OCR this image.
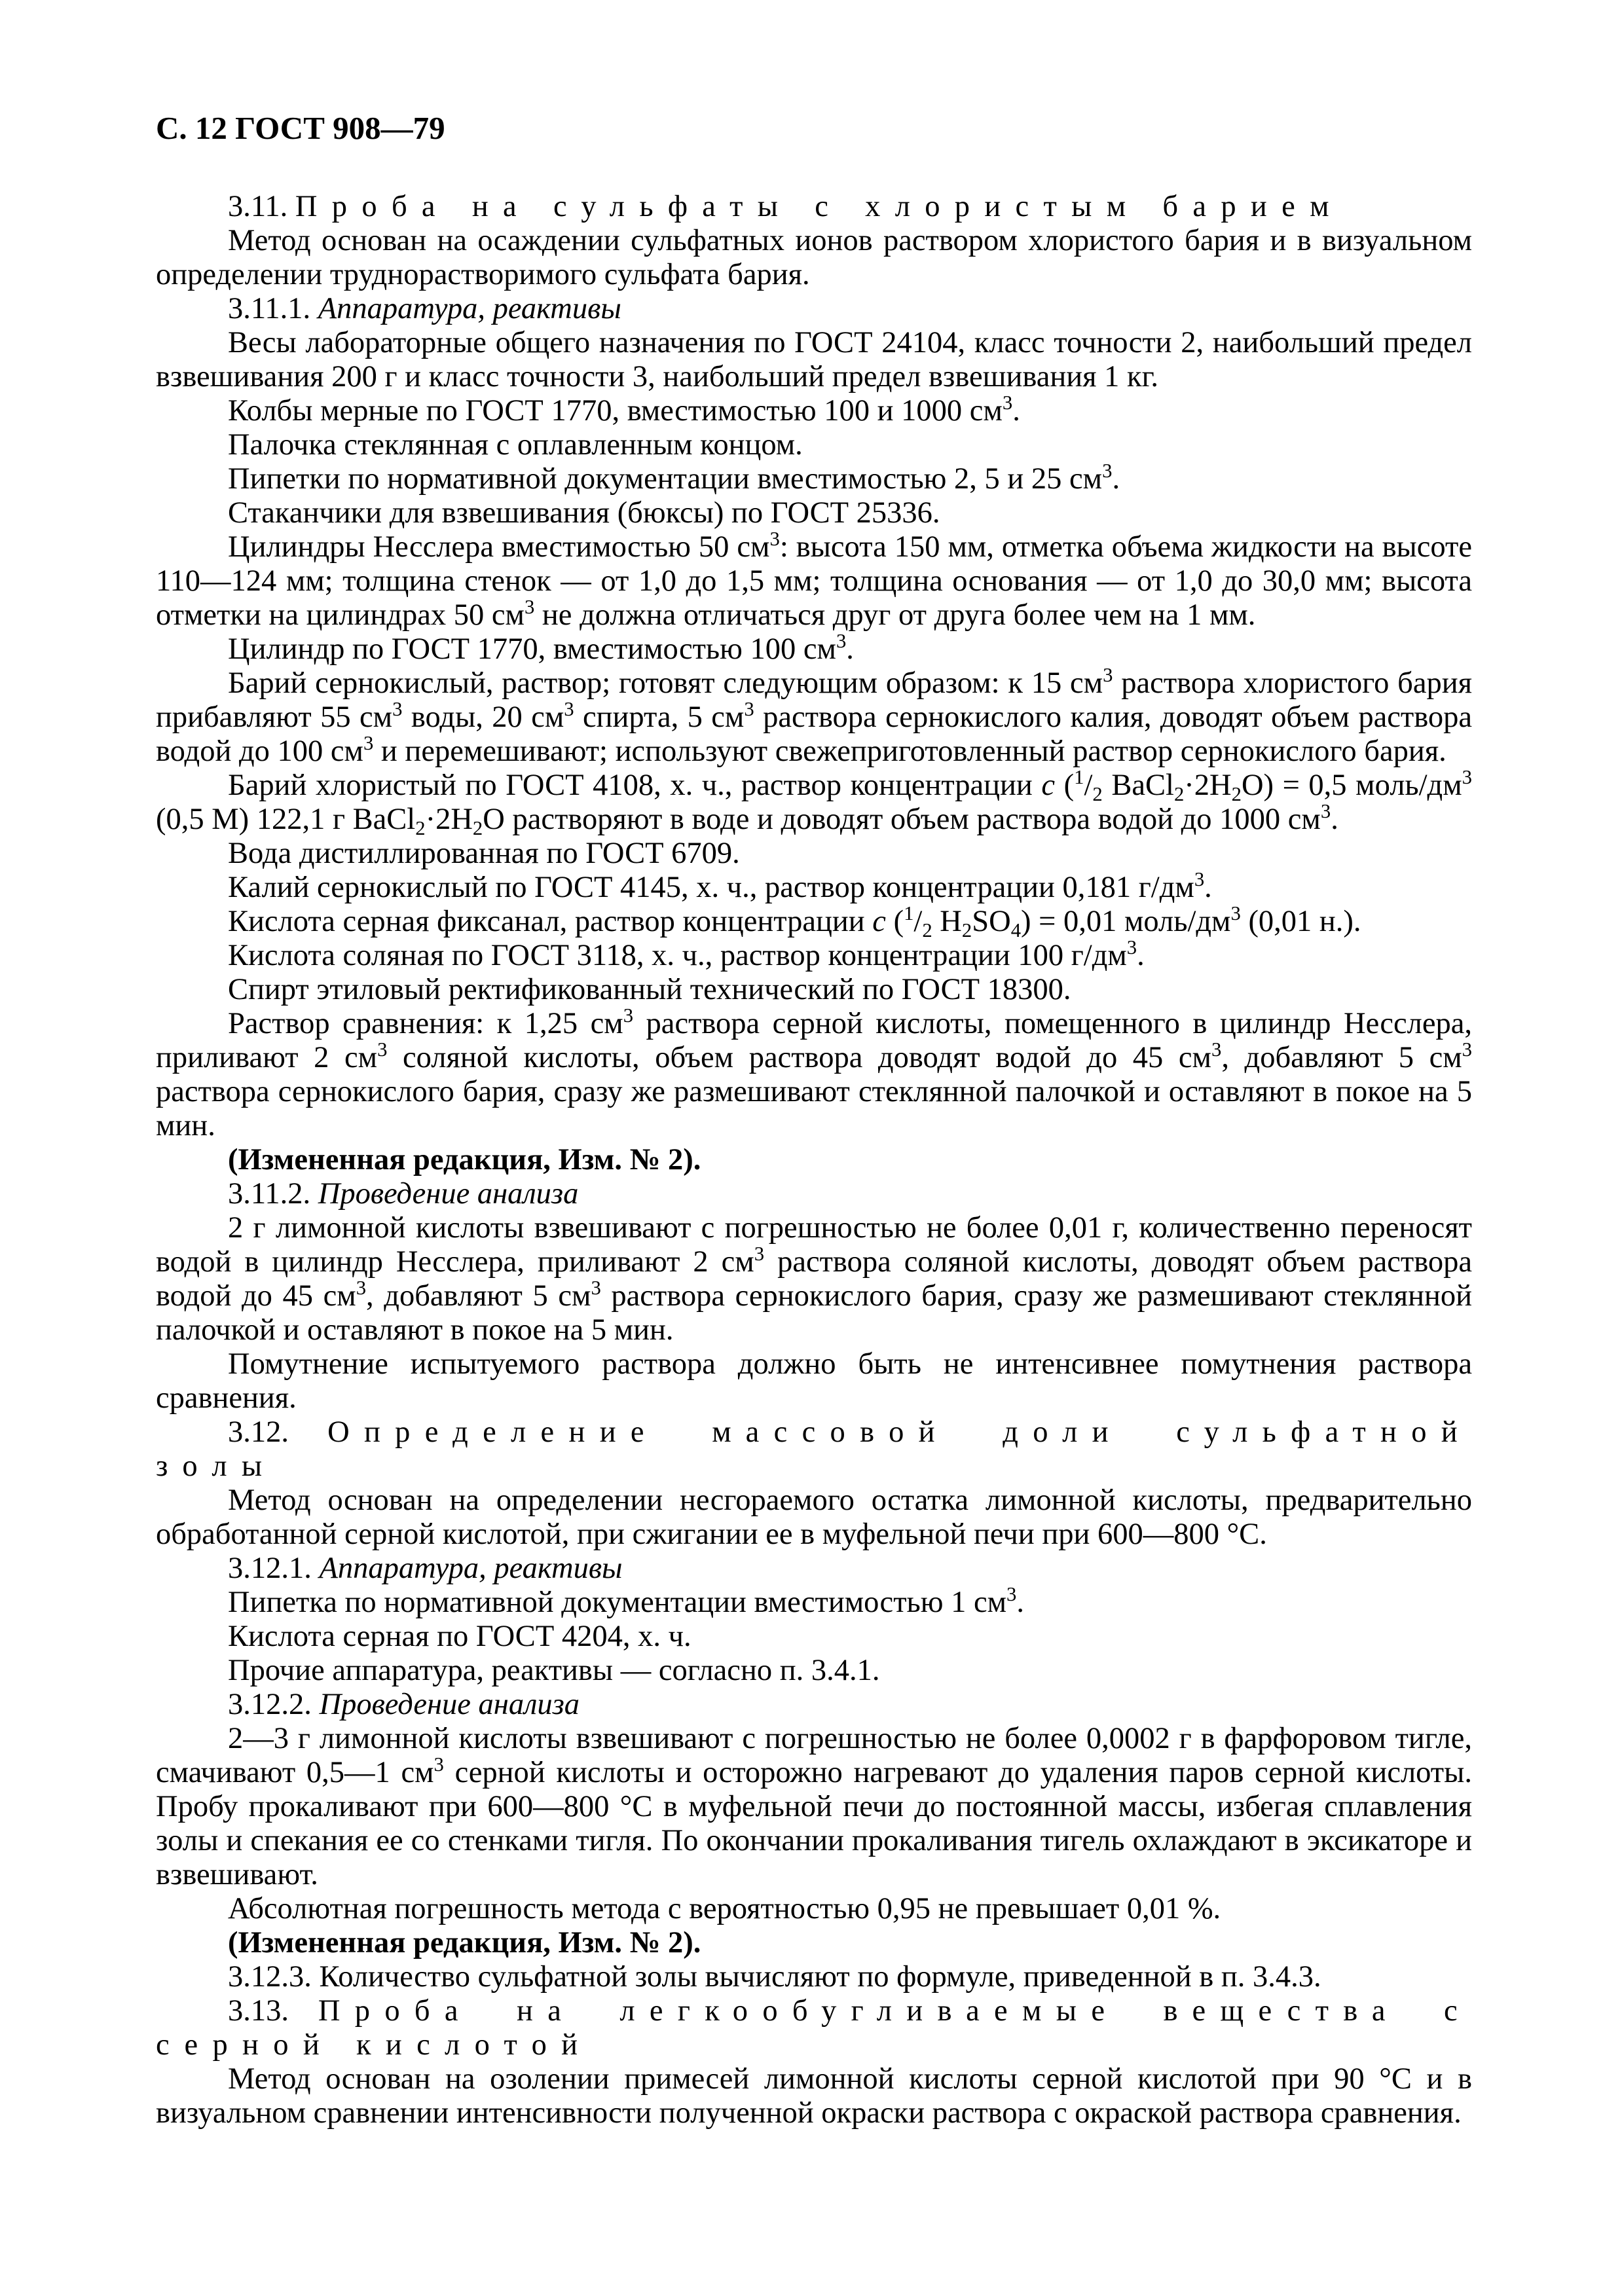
С. 12 ГОСТ 908—79

3.11. Проба на сульфаты с хлористым барием

Метод основан на осаждении сульфатных ионов раствором хлористого бария и в визуальном определении труднорастворимого сульфата бария.

3.11.1. Аппаратура, реактивы

Весы лабораторные общего назначения по ГОСТ 24104, класс точности 2, наибольший предел взвешивания 200 г и класс точности 3, наибольший предел взвешивания 1 кг.

Колбы мерные по ГОСТ 1770, вместимостью 100 и 1000 $см^3$.

Палочка стеклянная с оплавленным концом.

Пипетки по нормативной документации вместимостью 2, 5 и 25 $см^3$.

Стаканчики для взвешивания (бюксы) по ГОСТ 25336.

Цилиндры Несслера вместимостью 50 $см^3$: высота 150 мм, отметка объема жидкости на высоте 110—124 мм; толщина стенок — от 1,0 до 1,5 мм; толщина основания — от 1,0 до 30,0 мм; высота отметки на цилиндрах 50 $см^3$ не должна отличаться друг от друга более чем на 1 мм.

Цилиндр по ГОСТ 1770, вместимостью 100 $см^3$.

Барий сернокислый, раствор; готовят следующим образом: к 15 $см^3$ раствора хлористого бария прибавляют 55 $см^3$ воды, 20 $см^3$ спирта, 5 $см^3$ раствора сернокислого калия, доводят объем раствора водой до 100 $см^3$ и перемешивают; используют свежеприготовленный раствор сернокислого бария.

Барий хлористый по ГОСТ 4108, х. ч., раствор концентрации с ($^1/_2$ $BaCl_2\cdot 2H_2O) = 0,5$ моль/$дм^3$ (0,5 М) 122,1 г $BaCl_2\cdot 2H_2O$ растворяют в воде и доводят объем раствора водой до 1000 $см^3$.

Вода дистиллированная по ГОСТ 6709.

Калий сернокислый по ГОСТ 4145, х. ч., раствор концентрации 0,181 $г/дм^3$.

Кислота серная фиксанал, раствор концентрации с ($^1/_2$ $H_2SO_4) = 0,01$ моль/$дм^3$ (0,01 н.).

Кислота соляная по ГОСТ 3118, х. ч., раствор концентрации 100 $г/дм^3$.

Спирт этиловый ректификованный технический по ГОСТ 18300.

Раствор сравнения: к 1,25 $см^3$ раствора серной кислоты, помещенного в цилиндр Несслера, приливают 2 $см^3$ соляной кислоты, объем раствора доводят водой до 45 $см^3$, добавляют 5 $см^3$ раствора сернокислого бария, сразу же размешивают стеклянной палочкой и оставляют в покое на 5 мин.

(Измененная редакция, Изм. № 2).

3.11.2. Проведение анализа

2 г лимонной кислоты взвешивают с погрешностью не более 0,01 г, количественно переносят водой в цилиндр Несслера, приливают 2 $см^3$ раствора соляной кислоты, доводят объем раствора водой до 45 $см^3$, добавляют 5 $см^3$ раствора сернокислого бария, сразу же размешивают стеклянной палочкой и оставляют в покое на 5 мин.

Помутнение испытуемого раствора должно быть не интенсивнее помутнения раствора сравнения.

3.12. Определение массовой доли сульфатной золы

Метод основан на определении несгораемого остатка лимонной кислоты, предварительно обработанной серной кислотой, при сжигании ее в муфельной печи при 600—800 °С.

3.12.1. Аппаратура, реактивы

Пипетка по нормативной документации вместимостью 1 $см^3$.

Кислота серная по ГОСТ 4204, х. ч.

Прочие аппаратура, реактивы — согласно п. 3.4.1.

3.12.2. Проведение анализа

2—3 г лимонной кислоты взвешивают с погрешностью не более 0,0002 г в фарфоровом тигле, смачивают 0,5—1 $см^3$ серной кислоты и осторожно нагревают до удаления паров серной кислоты. Пробу прокаливают при 600—800 °С в муфельной печи до постоянной массы, избегая сплавления золы и спекания ее со стенками тигля. По окончании прокаливания тигель охлаждают в эксикаторе и взвешивают.

Абсолютная погрешность метода с вероятностью 0,95 не превышает 0,01 %.

(Измененная редакция, Изм. № 2).

3.12.3. Количество сульфатной золы вычисляют по формуле, приведенной в п. 3.4.3.

3.13. Проба на легкообугливаемые вещества с серной кислотой

Метод основан на озолении примесей лимонной кислоты серной кислотой при 90 °С и в визуальном сравнении интенсивности полученной окраски раствора с окраской раствора сравнения.
